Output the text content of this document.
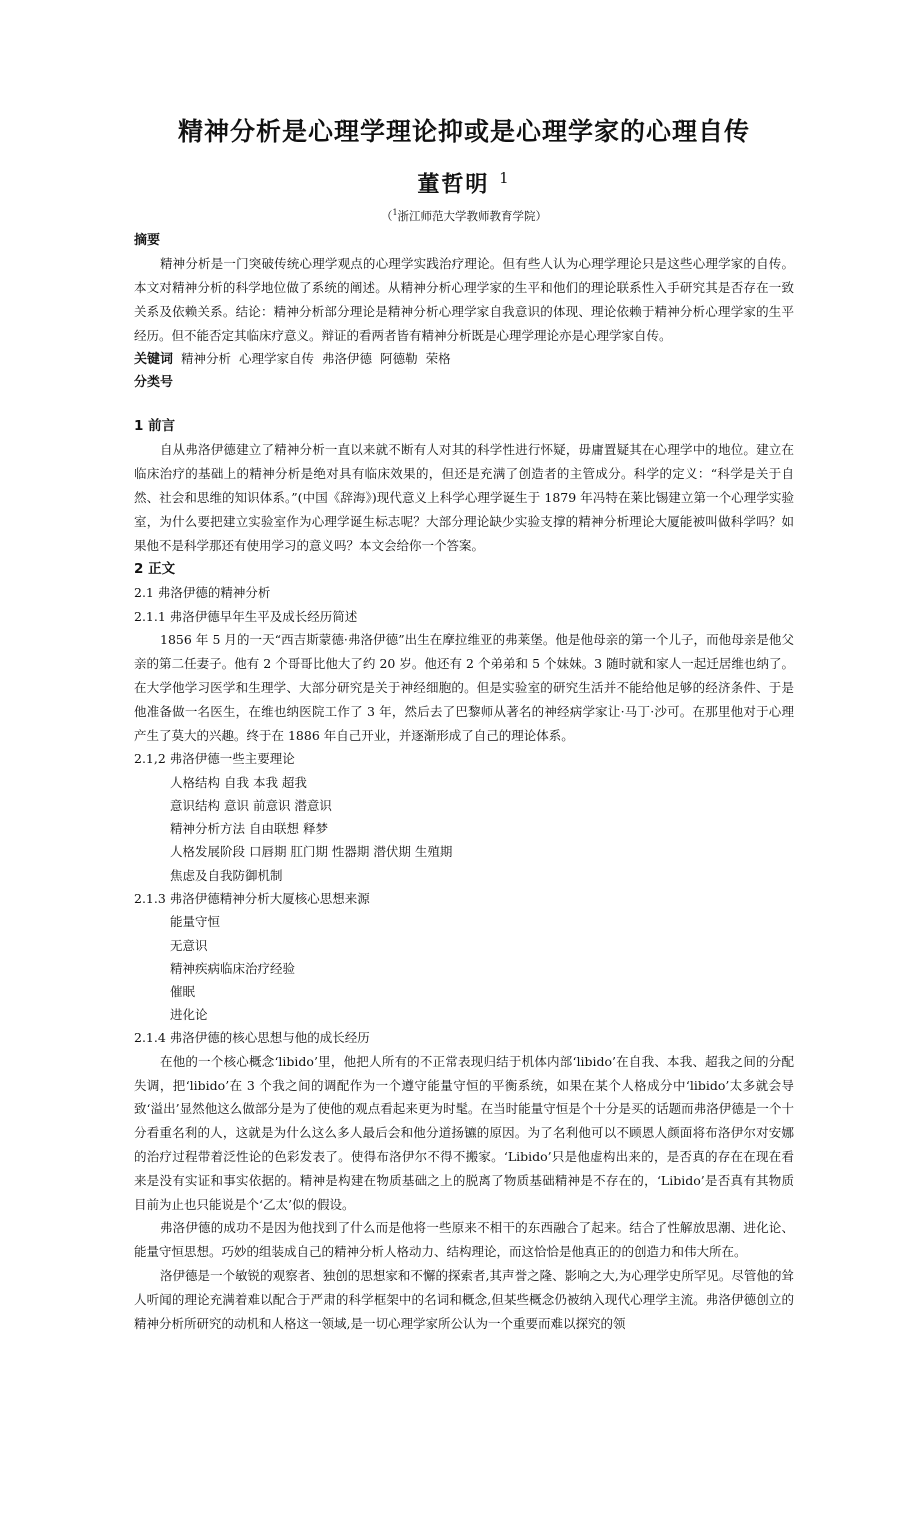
精神分析是心理学理论抑或是心理学家的心理自传

董哲明 $^1$

（$^1$浙江师范大学教师教育学院）

摘要

精神分析是一门突破传统心理学观点的心理学实践治疗理论。但有些人认为心理学理论只是这些心理学家的自传。本文对精神分析的科学地位做了系统的阐述。从精神分析心理学家的生平和他们的理论联系性入手研究其是否存在一致关系及依赖关系。结论：精神分析部分理论是精神分析心理学家自我意识的体现、理论依赖于精神分析心理学家的生平经历。但不能否定其临床疗意义。辩证的看两者皆有精神分析既是心理学理论亦是心理学家自传。

关键词 精神分析 心理学家自传 弗洛伊德 阿德勒 荣格

分类号

1 前言

自从弗洛伊德建立了精神分析一直以来就不断有人对其的科学性进行怀疑，毋庸置疑其在心理学中的地位。建立在临床治疗的基础上的精神分析是绝对具有临床效果的，但还是充满了创造者的主管成分。科学的定义：“科学是关于自然、社会和思维的知识体系。”(中国《辞海》)现代意义上科学心理学诞生于 1879 年冯特在莱比锡建立第一个心理学实验室，为什么要把建立实验室作为心理学诞生标志呢？大部分理论缺少实验支撑的精神分析理论大厦能被叫做科学吗？如果他不是科学那还有使用学习的意义吗？本文会给你一个答案。

2 正文

2.1 弗洛伊德的精神分析

2.1.1 弗洛伊德早年生平及成长经历简述

1856 年 5 月的一天“西吉斯蒙德·弗洛伊德”出生在摩拉维亚的弗莱堡。他是他母亲的第一个儿子，而他母亲是他父亲的第二任妻子。他有 2 个哥哥比他大了约 20 岁。他还有 2 个弟弟和 5 个妹妹。3 随时就和家人一起迁居维也纳了。在大学他学习医学和生理学、大部分研究是关于神经细胞的。但是实验室的研究生活并不能给他足够的经济条件、于是他准备做一名医生，在维也纳医院工作了 3 年，然后去了巴黎师从著名的神经病学家让·马丁·沙可。在那里他对于心理产生了莫大的兴趣。终于在 1886 年自己开业，并逐渐形成了自己的理论体系。

2.1,2 弗洛伊德一些主要理论

人格结构 自我 本我 超我

意识结构 意识 前意识 潜意识

精神分析方法 自由联想 释梦

人格发展阶段 口唇期 肛门期 性器期 潜伏期 生殖期

焦虑及自我防御机制

2.1.3 弗洛伊德精神分析大厦核心思想来源

能量守恒

无意识

精神疾病临床治疗经验

催眠

进化论

2.1.4 弗洛伊德的核心思想与他的成长经历

在他的一个核心概念‘libido’里，他把人所有的不正常表现归结于机体内部‘libido’在自我、本我、超我之间的分配失调，把‘libido’在 3 个我之间的调配作为一个遵守能量守恒的平衡系统，如果在某个人格成分中‘libido’太多就会导致‘溢出’显然他这么做部分是为了使他的观点看起来更为时髦。在当时能量守恒是个十分是买的话题而弗洛伊德是一个十分看重名利的人，这就是为什么这么多人最后会和他分道扬镳的原因。为了名利他可以不顾恩人颜面将布洛伊尔对安娜的治疗过程带着泛性论的色彩发表了。使得布洛伊尔不得不搬家。‘Libido’只是他虚构出来的，是否真的存在在现在看来是没有实证和事实依据的。精神是构建在物质基础之上的脱离了物质基础精神是不存在的，‘Libido’是否真有其物质目前为止也只能说是个‘乙太’似的假设。

弗洛伊德的成功不是因为他找到了什么而是他将一些原来不相干的东西融合了起来。结合了性解放思潮、进化论、能量守恒思想。巧妙的组装成自己的精神分析人格动力、结构理论，而这恰恰是他真正的的创造力和伟大所在。

洛伊德是一个敏锐的观察者、独创的思想家和不懈的探索者,其声誉之隆、影响之大,为心理学史所罕见。尽管他的耸人听闻的理论充满着难以配合于严肃的科学框架中的名词和概念,但某些概念仍被纳入现代心理学主流。弗洛伊德创立的精神分析所研究的动机和人格这一领域,是一切心理学家所公认为一个重要而难以探究的领
